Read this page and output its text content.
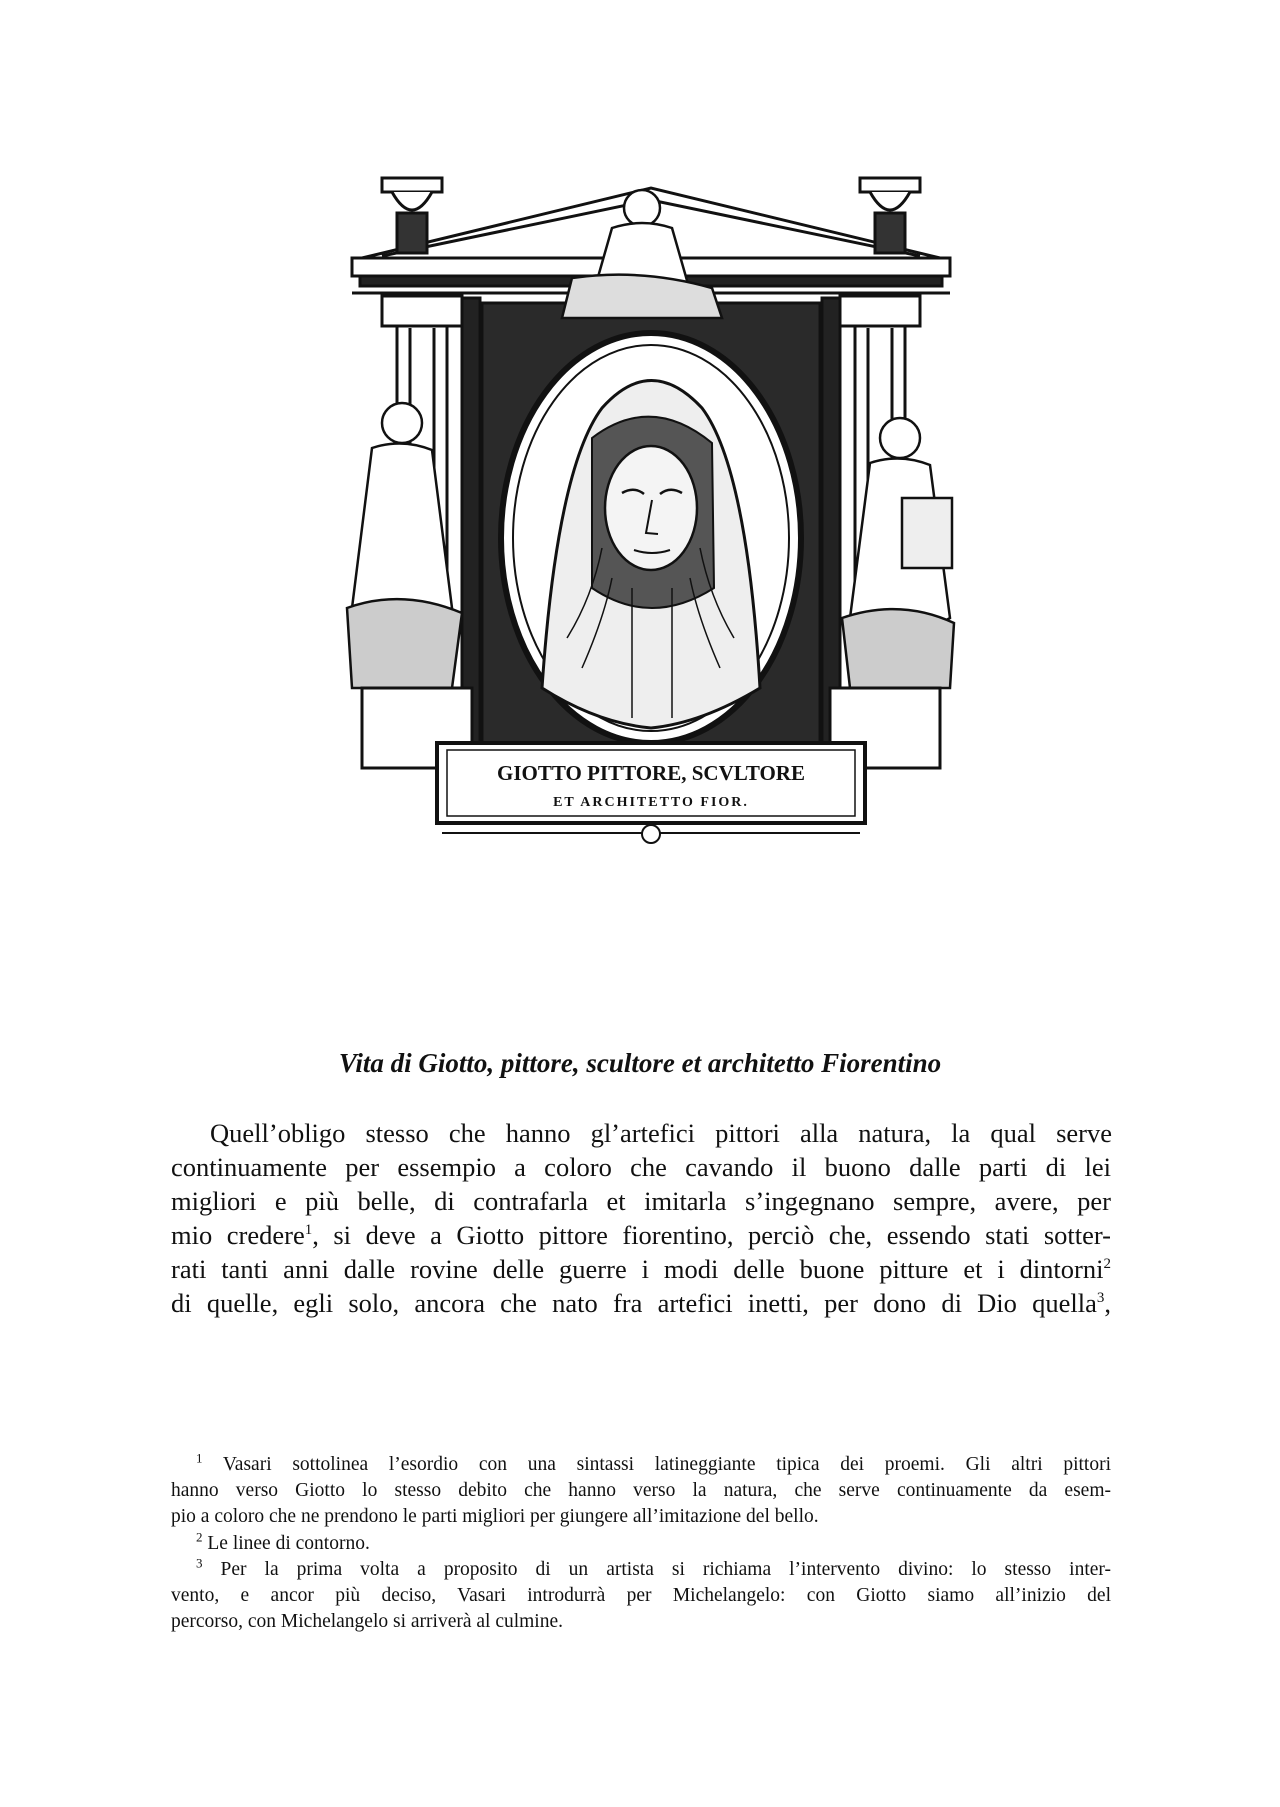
GIOTTO PITTORE, SCVLTORE
ET ARCHITETTO FIOR.
Vita di Giotto, pittore, scultore et architetto Fiorentino

Quell’obligo stesso che hanno gl’artefici pittori alla natura, la qual serve

continuamente per essempio a coloro che cavando il buono dalle parti di lei

migliori e più belle, di contrafarla et imitarla s’ingegnano sempre, avere, per

mio credere$^1$, si deve a Giotto pittore fiorentino, perciò che, essendo stati sotter-

rati tanti anni dalle rovine delle guerre i modi delle buone pitture et i dintorni$^2$

di quelle, egli solo, ancora che nato fra artefici inetti, per dono di Dio quella$^3$,

$^1$ Vasari sottolinea l’esordio con una sintassi latineggiante tipica dei proemi. Gli altri pittori

hanno verso Giotto lo stesso debito che hanno verso la natura, che serve continuamente da esem-

pio a coloro che ne prendono le parti migliori per giungere all’imitazione del bello.

$^2$ Le linee di contorno.

$^3$ Per la prima volta a proposito di un artista si richiama l’intervento divino: lo stesso inter-

vento, e ancor più deciso, Vasari introdurrà per Michelangelo: con Giotto siamo all’inizio del

percorso, con Michelangelo si arriverà al culmine.
